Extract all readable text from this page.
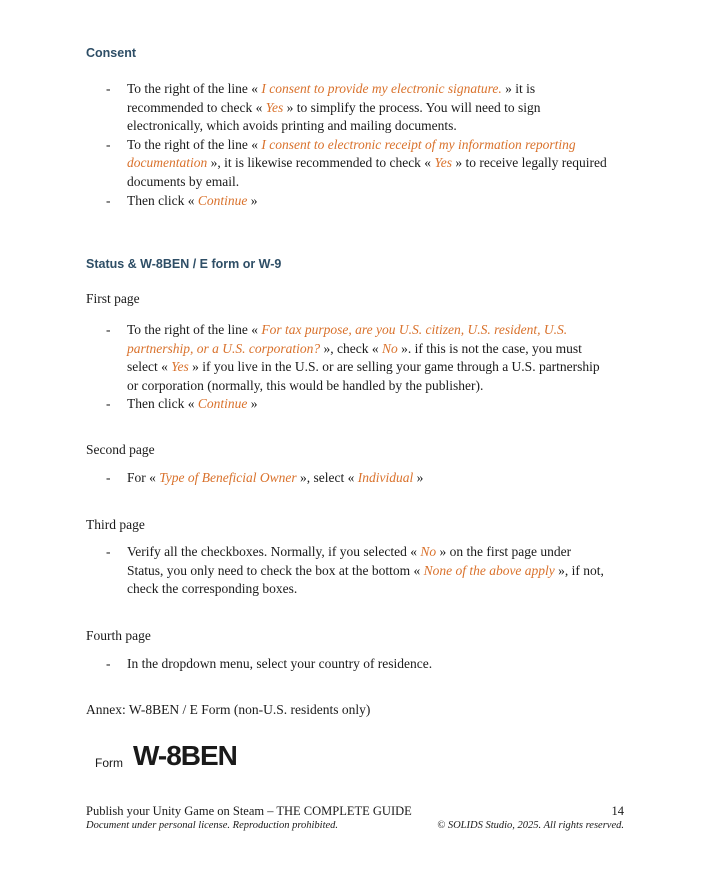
Consent
- To the right of the line « I consent to provide my electronic signature. » it is recommended to check « Yes » to simplify the process. You will need to sign electronically, which avoids printing and mailing documents.
- To the right of the line « I consent to electronic receipt of my information reporting documentation », it is likewise recommended to check « Yes » to receive legally required documents by email.
- Then click « Continue »
Status & W-8BEN / E form or W-9
First page
- To the right of the line « For tax purpose, are you U.S. citizen, U.S. resident, U.S. partnership, or a U.S. corporation? », check « No ». if this is not the case, you must select « Yes » if you live in the U.S. or are selling your game through a U.S. partnership or corporation (normally, this would be handled by the publisher).
- Then click « Continue »
Second page
- For « Type of Beneficial Owner », select « Individual »
Third page
- Verify all the checkboxes. Normally, if you selected « No » on the first page under Status, you only need to check the box at the bottom « None of the above apply », if not, check the corresponding boxes.
Fourth page
- In the dropdown menu, select your country of residence.
Annex: W-8BEN / E Form (non-U.S. residents only)
Form W-8BEN
Publish your Unity Game on Steam – THE COMPLETE GUIDE	14
Document under personal license. Reproduction prohibited.	© SOLIDS Studio, 2025. All rights reserved.
